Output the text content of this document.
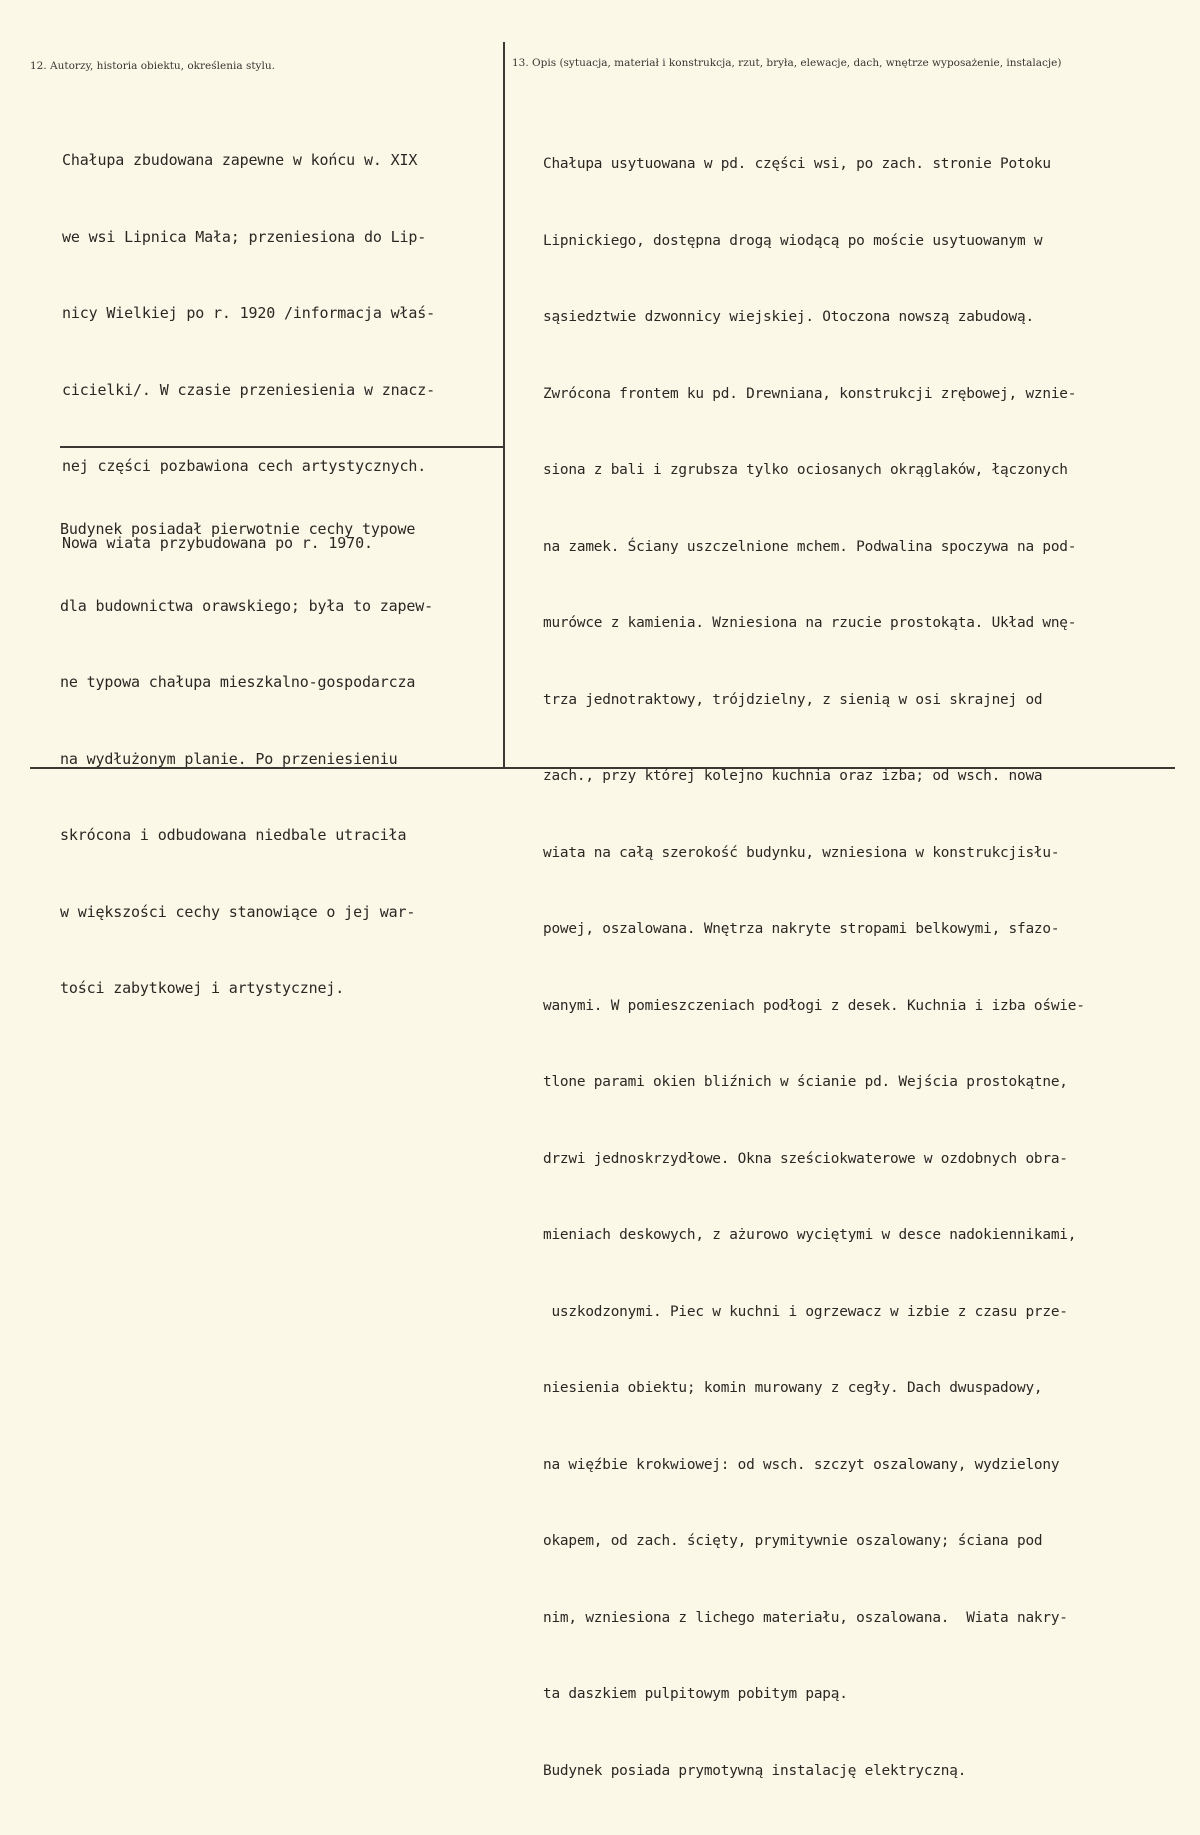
12. Autorzy, historia obiektu, określenia stylu.	13. Opis (sytuacja, materiał i konstrukcja, rzut, bryła, elewacje, dach, wnętrze wyposażenie, instalacje)

Chałupa zbudowana zapewne w końcu w. XIX

we wsi Lipnica Mała; przeniesiona do Lip-

nicy Wielkiej po r. 1920 /informacja właś-

cicielki/. W czasie przeniesienia w znacz-

nej części pozbawiona cech artystycznych.

Nowa wiata przybudowana po r. 1970.

Budynek posiadał pierwotnie cechy typowe

dla budownictwa orawskiego; była to zapew-

ne typowa chałupa mieszkalno-gospodarcza

na wydłużonym planie. Po przeniesieniu

skrócona i odbudowana niedbale utraciła

w większości cechy stanowiące o jej war-

tości zabytkowej i artystycznej.

Chałupa usytuowana w pd. części wsi, po zach. stronie Potoku

Lipnickiego, dostępna drogą wiodącą po moście usytuowanym w

sąsiedztwie dzwonnicy wiejskiej. Otoczona nowszą zabudową.

Zwrócona frontem ku pd. Drewniana, konstrukcji zrębowej, wznie-

siona z bali i zgrubsza tylko ociosanych okrąglaków, łączonych

na zamek. Ściany uszczelnione mchem. Podwalina spoczywa na pod-

murówce z kamienia. Wzniesiona na rzucie prostokąta. Układ wnę-

trza jednotraktowy, trójdzielny, z sienią w osi skrajnej od

zach., przy której kolejno kuchnia oraz izba; od wsch. nowa

wiata na całą szerokość budynku, wzniesiona w konstrukcjisłu-

powej, oszalowana. Wnętrza nakryte stropami belkowymi, sfazo-

wanymi. W pomieszczeniach podłogi z desek. Kuchnia i izba oświe-

tlone parami okien bliźnich w ścianie pd. Wejścia prostokątne,

drzwi jednoskrzydłowe. Okna sześciokwaterowe w ozdobnych obra-

mieniach deskowych, z ażurowo wyciętymi w desce nadokiennikami,

uszkodzonymi. Piec w kuchni i ogrzewacz w izbie z czasu prze-

niesienia obiektu; komin murowany z cegły. Dach dwuspadowy,

na więźbie krokwiowej: od wsch. szczyt oszalowany, wydzielony

okapem, od zach. ścięty, prymitywnie oszalowany; ściana pod

nim, wzniesiona z lichego materiału, oszalowana.  Wiata nakry-

ta daszkiem pulpitowym pobitym papą.

Budynek posiada prymotywną instalację elektryczną.
